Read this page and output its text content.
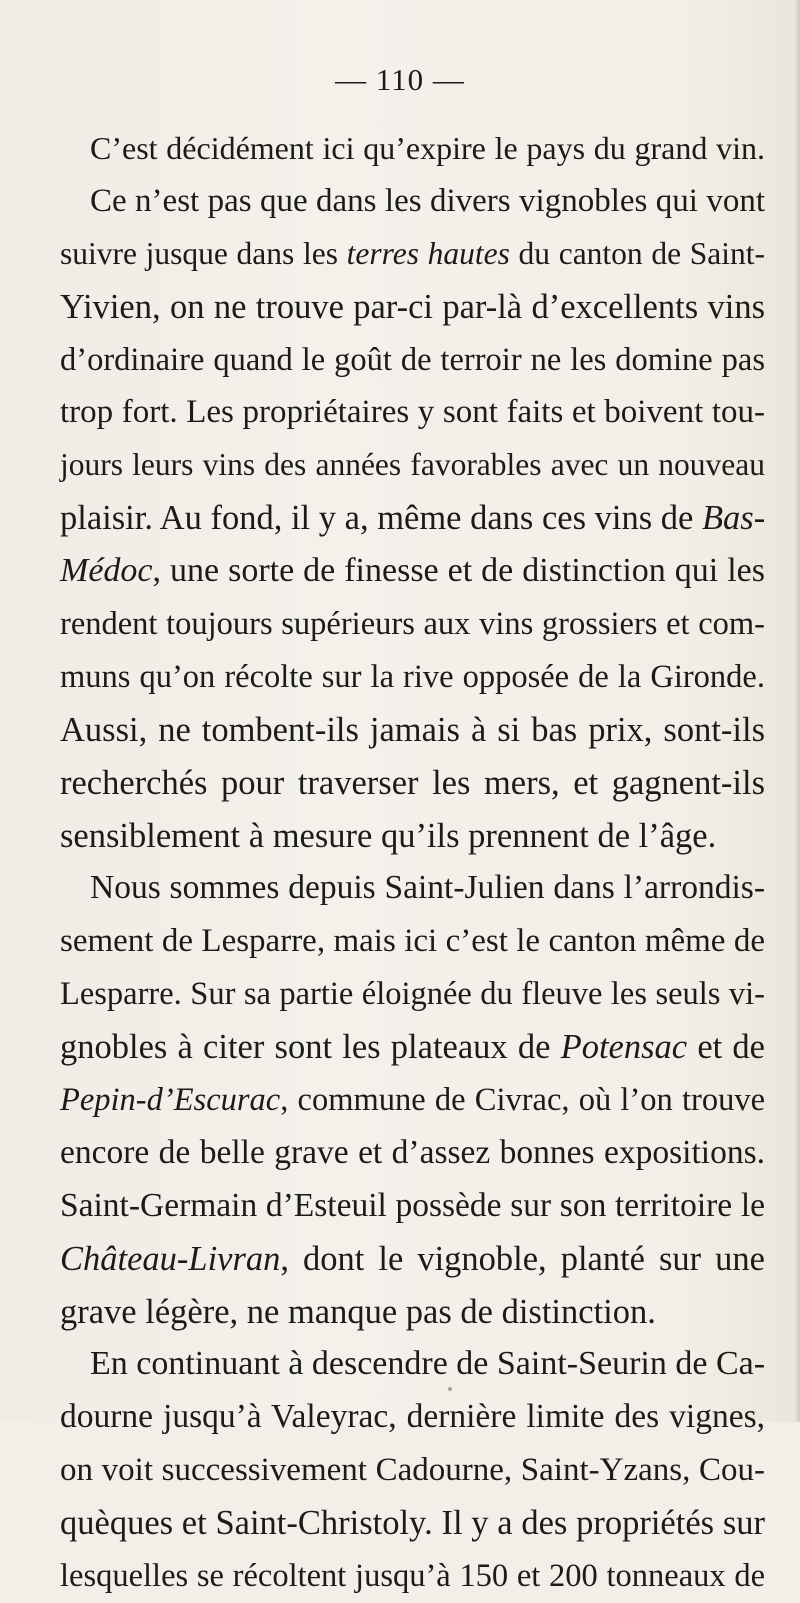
— 110 —
C’est décidément ici qu’expire le pays du grand vin.
Ce n’est pas que dans les divers vignobles qui vont
suivre jusque dans les terres hautes du canton de Saint-
Yivien, on ne trouve par-ci par-là d’excellents vins
d’ordinaire quand le goût de terroir ne les domine pas
trop fort. Les propriétaires y sont faits et boivent tou-
jours leurs vins des années favorables avec un nouveau
plaisir. Au fond, il y a, même dans ces vins de Bas-
Médoc, une sorte de finesse et de distinction qui les
rendent toujours supérieurs aux vins grossiers et com-
muns qu’on récolte sur la rive opposée de la Gironde.
Aussi, ne tombent-ils jamais à si bas prix, sont-ils
recherchés pour traverser les mers, et gagnent-ils
sensiblement à mesure qu’ils prennent de l’âge.
Nous sommes depuis Saint-Julien dans l’arrondis-
sement de Lesparre, mais ici c’est le canton même de
Lesparre. Sur sa partie éloignée du fleuve les seuls vi-
gnobles à citer sont les plateaux de Potensac et de
Pepin-d’Escurac, commune de Civrac, où l’on trouve
encore de belle grave et d’assez bonnes expositions.
Saint-Germain d’Esteuil possède sur son territoire le
Château-Livran, dont le vignoble, planté sur une
grave légère, ne manque pas de distinction.
En continuant à descendre de Saint-Seurin de Ca-
dourne jusqu’à Valeyrac, dernière limite des vignes,
on voit successivement Cadourne, Saint-Yzans, Cou-
quèques et Saint-Christoly. Il y a des propriétés sur
lesquelles se récoltent jusqu’à 150 et 200 tonneaux de
